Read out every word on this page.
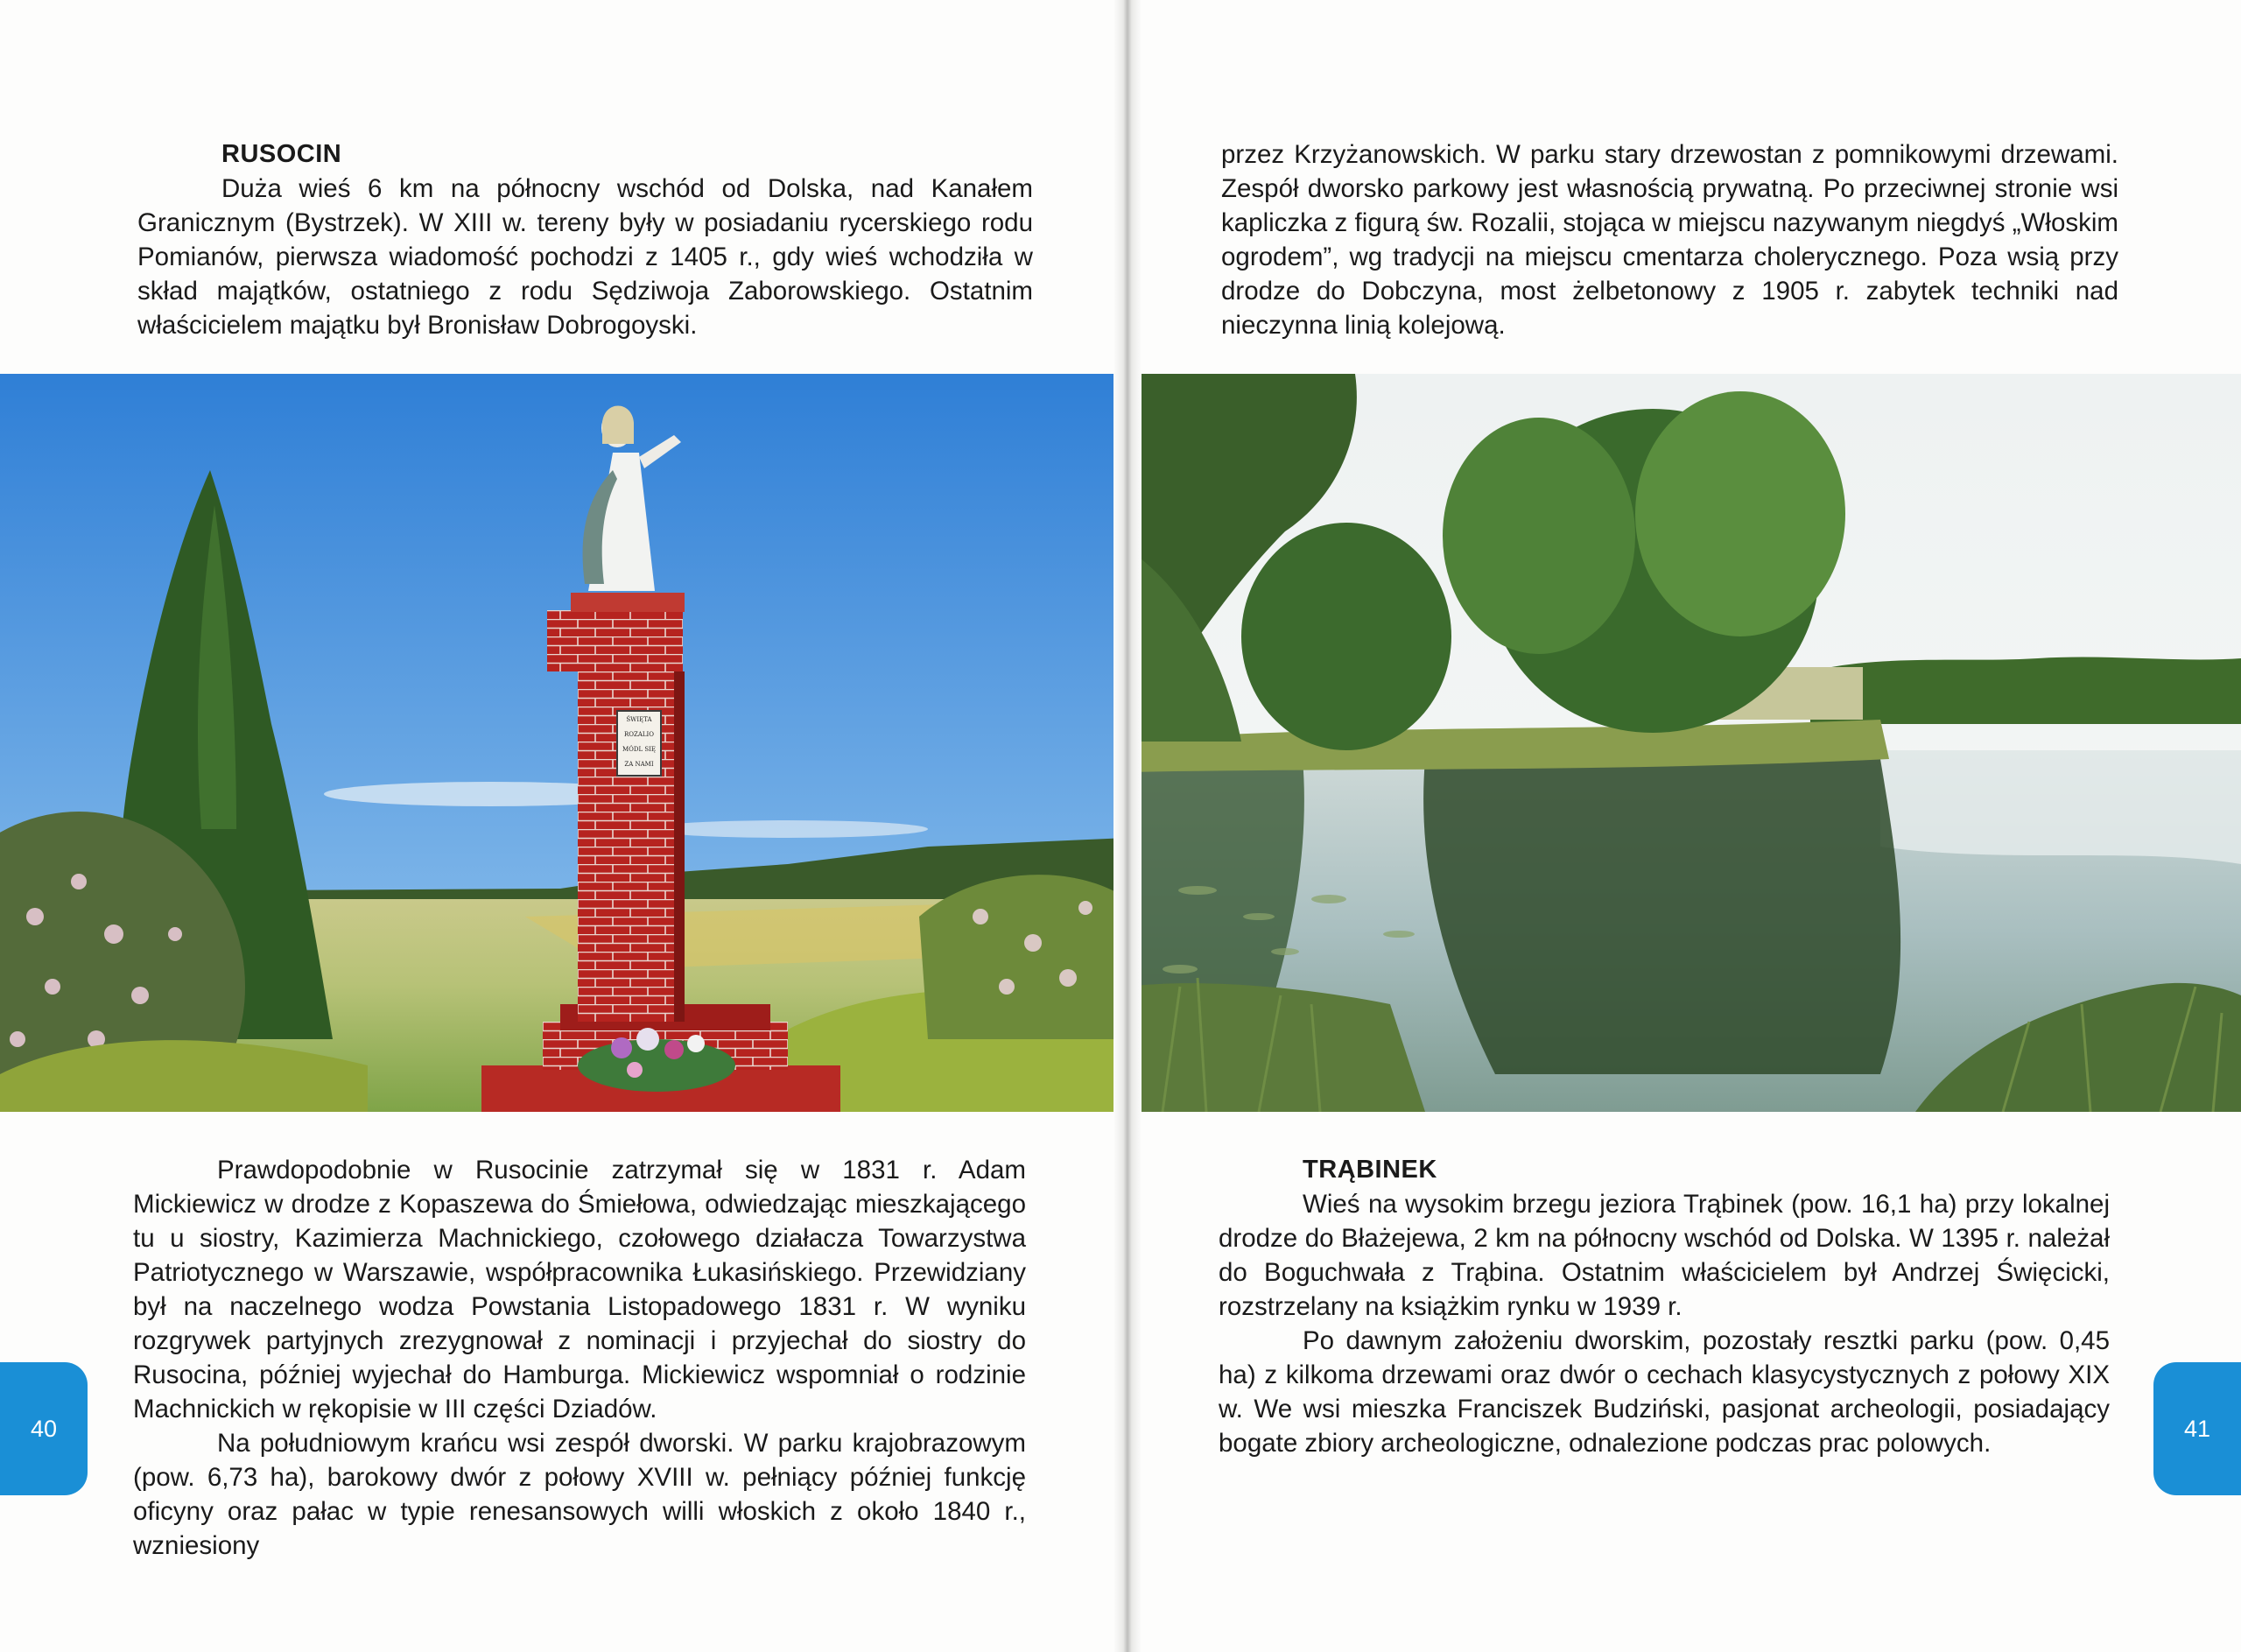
RUSOCIN

Duża wieś 6 km na północny wschód od Dolska, nad Kanałem Granicznym (Bystrzek). W XIII w. tereny były w posiadaniu rycerskiego rodu Pomianów, pierwsza wiadomość pochodzi z 1405 r., gdy wieś wchodziła w skład majątków, ostatniego z rodu Sędziwoja Zaborowskiego. Ostatnim właścicielem majątku był Bronisław Dobrogoyski.

ŚWIĘTA
ROZALIO
MÓDL SIĘ
ZA NAMI

Prawdopodobnie w Rusocinie zatrzymał się w 1831 r. Adam Mickiewicz w drodze z Kopaszewa do Śmiełowa, odwiedzając mieszkającego tu u siostry, Kazimierza Machnickiego, czołowego działacza Towarzystwa Patriotycznego w Warszawie, współpracownika Łukasińskiego. Przewidziany był na naczelnego wodza Powstania Listopadowego 1831 r. W wyniku rozgrywek partyjnych zrezygnował z nominacji i przyjechał do siostry do Rusocina, później wyjechał do Hamburga. Mickiewicz wspomniał o rodzinie Machnickich w rękopisie w III części Dziadów.

Na południowym krańcu wsi zespół dworski. W parku krajobrazowym (pow. 6,73 ha), barokowy dwór z połowy XVIII w. pełniący później funkcję oficyny oraz pałac w typie renesansowych willi włoskich z około 1840 r., wzniesiony

40

przez Krzyżanowskich. W parku stary drzewostan z pomnikowymi drzewami. Zespół dworsko parkowy jest własnością prywatną. Po przeciwnej stronie wsi kapliczka z figurą św. Rozalii, stojąca w miejscu nazywanym niegdyś „Włoskim ogrodem”, wg tradycji na miejscu cmentarza cholerycznego. Poza wsią przy drodze do Dobczyna, most żelbetonowy z 1905 r. zabytek techniki nad nieczynna linią kolejową.

TRĄBINEK

Wieś na wysokim brzegu jeziora Trąbinek (pow. 16,1 ha) przy lokalnej drodze do Błażejewa, 2 km na północny wschód od Dolska. W 1395 r. należał do Boguchwała z Trąbina. Ostatnim właścicielem był Andrzej Święcicki, rozstrzelany na książkim rynku w 1939 r.

Po dawnym założeniu dworskim, pozostały resztki parku (pow. 0,45 ha) z kilkoma drzewami oraz dwór o cechach klasycystycznych z połowy XIX w. We wsi mieszka Franciszek Budziński, pasjonat archeologii, posiadający bogate zbiory archeologiczne, odnalezione podczas prac polowych.

41
